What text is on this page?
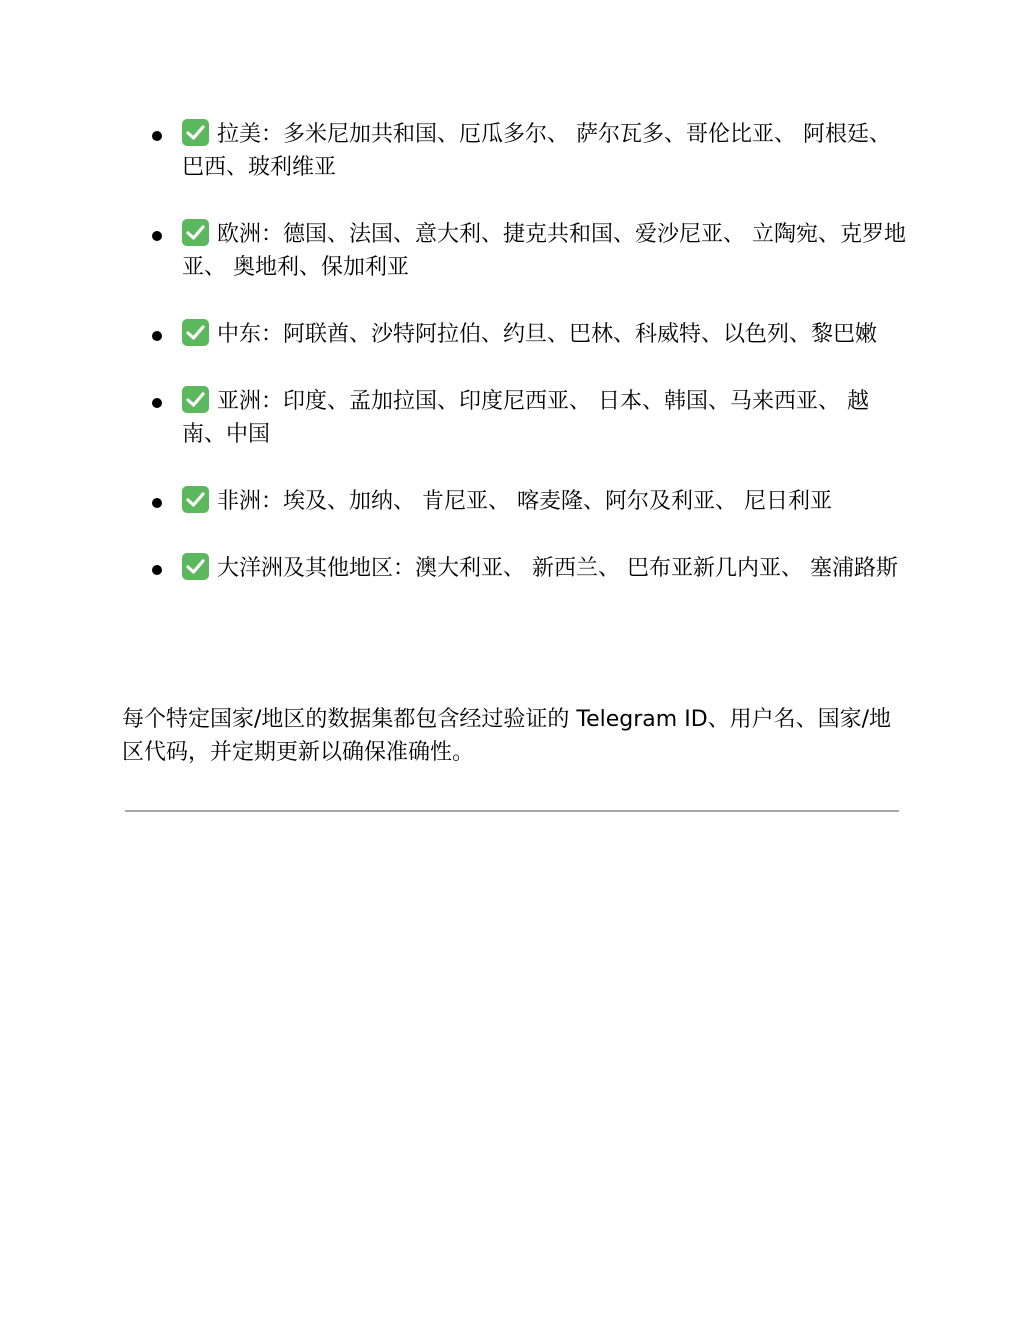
拉美：多米尼加共和国、厄瓜多尔、 萨尔瓦多、哥伦比亚、 阿根廷、巴西、玻利维亚
欧洲：德国、法国、意大利、捷克共和国、爱沙尼亚、 立陶宛、克罗地亚、 奥地利、保加利亚
中东：阿联酋、沙特阿拉伯、约旦、巴林、科威特、以色列、黎巴嫩
亚洲：印度、孟加拉国、印度尼西亚、 日本、韩国、马来西亚、 越南、中国
非洲：埃及、加纳、 肯尼亚、 喀麦隆、阿尔及利亚、 尼日利亚
大洋洲及其他地区：澳大利亚、 新西兰、 巴布亚新几内亚、 塞浦路斯

每个特定国家/地区的数据集都包含经过验证的 Telegram ID、用户名、国家/地区代码，并定期更新以确保准确性。
